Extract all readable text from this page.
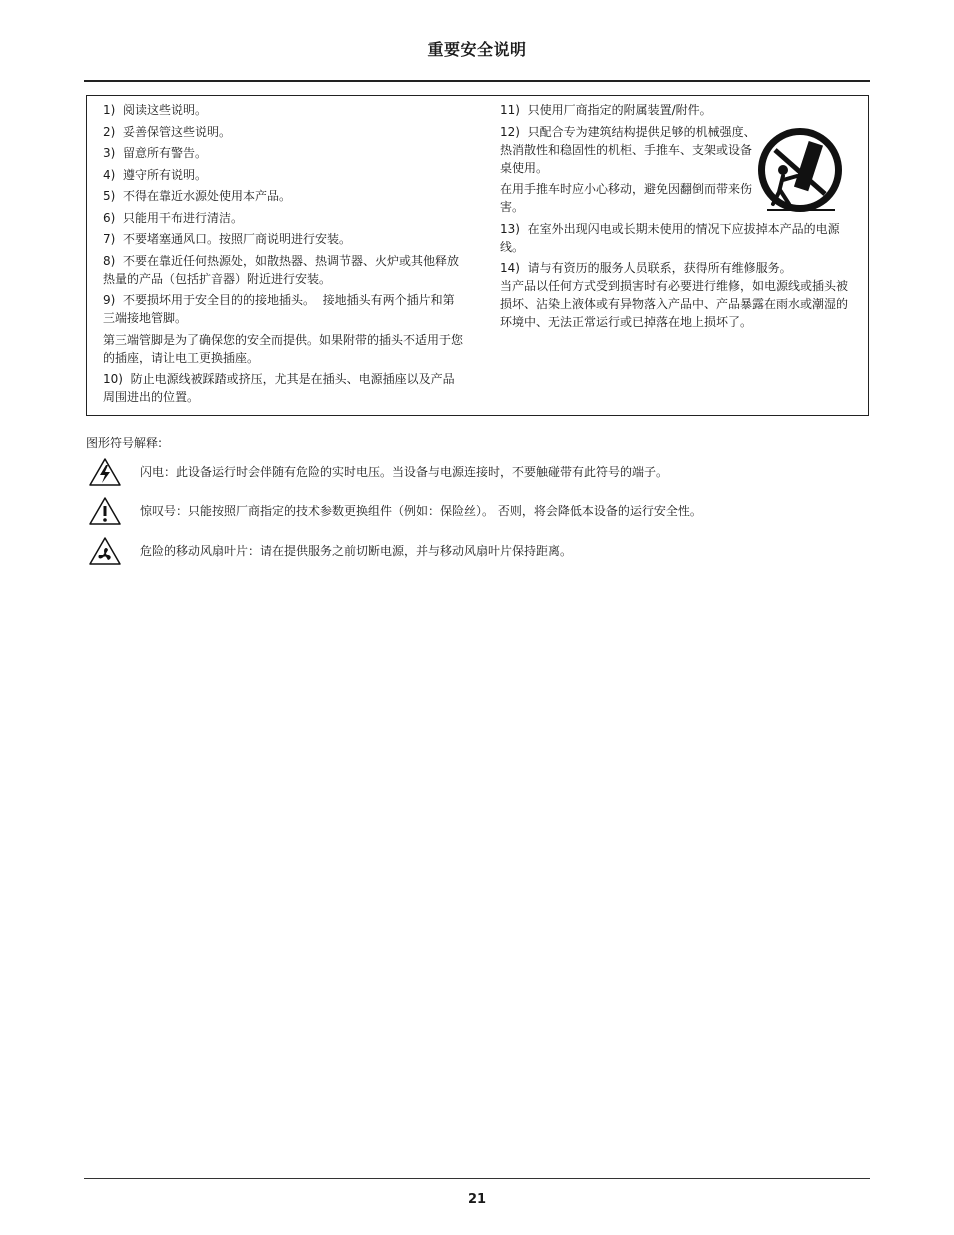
重要安全说明
1)  阅读这些说明。
2)  妥善保管这些说明。
3)  留意所有警告。
4)  遵守所有说明。
5)  不得在靠近水源处使用本产品。
6)  只能用干布进行清洁。
7)  不要堵塞通风口。按照厂商说明进行安装。
8)  不要在靠近任何热源处，如散热器、热调节器、火炉或其他释放热量的产品（包括扩音器）附近进行安装。
9)  不要损坏用于安全目的的接地插头。  接地插头有两个插片和第三端接地管脚。
第三端管脚是为了确保您的安全而提供。如果附带的插头不适用于您的插座，请让电工更换插座。
10)  防止电源线被踩踏或挤压，尤其是在插头、电源插座以及产品周围进出的位置。
11)  只使用厂商指定的附属装置/附件。
12)  只配合专为建筑结构提供足够的机械强度、热消散性和稳固性的机柜、手推车、支架或设备桌使用。
在用手推车时应小心移动，避免因翻倒而带来伤害。
13)  在室外出现闪电或长期未使用的情况下应拔掉本产品的电源线。
14)  请与有资历的服务人员联系，获得所有维修服务。
当产品以任何方式受到损害时有必要进行维修，如电源线或插头被损坏、沾染上液体或有异物落入产品中、产品暴露在雨水或潮湿的环境中、无法正常运行或已掉落在地上损坏了。
图形符号解释:
闪电：此设备运行时会伴随有危险的实时电压。当设备与电源连接时，不要触碰带有此符号的端子。
惊叹号：只能按照厂商指定的技术参数更换组件（例如：保险丝）。 否则，将会降低本设备的运行安全性。
危险的移动风扇叶片：请在提供服务之前切断电源，并与移动风扇叶片保持距离。
21
